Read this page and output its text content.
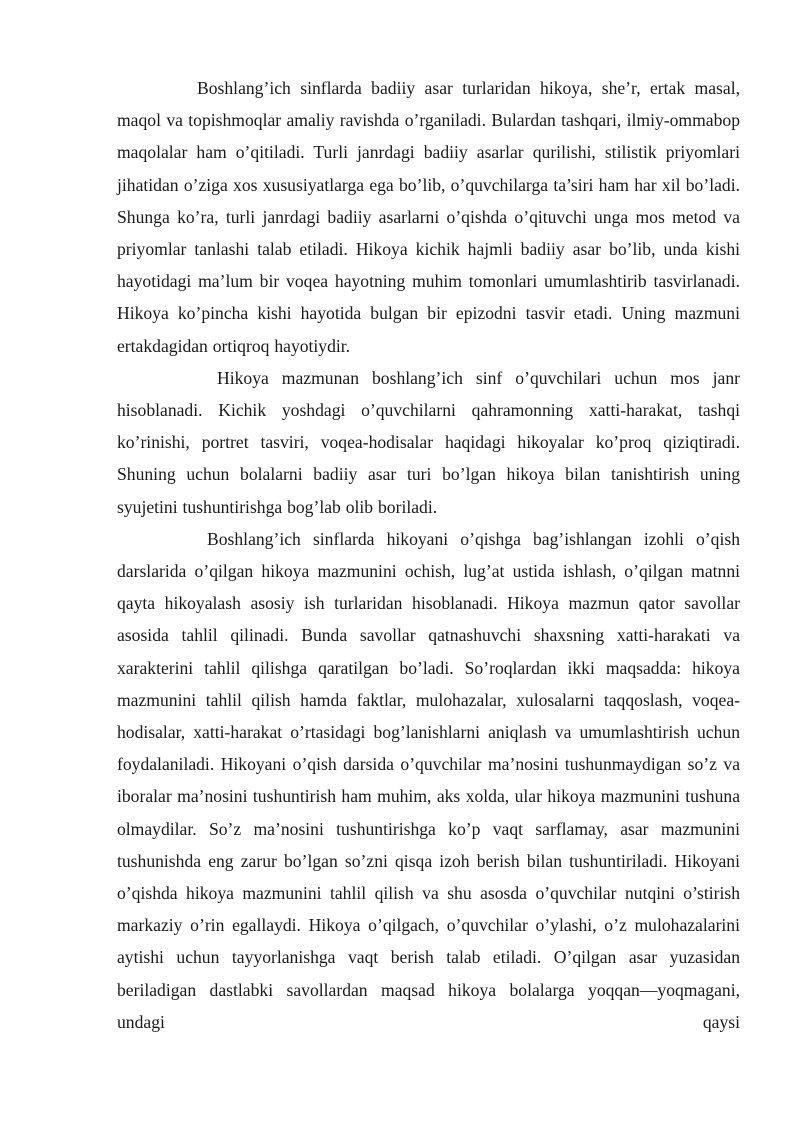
Boshlang’ich sinflarda badiiy asar turlaridan hikoya, she’r, ertak masal, maqol va topishmoqlar amaliy ravishda o’rganiladi. Bulardan tashqari, ilmiy-ommabop maqolalar ham o’qitiladi. Turli janrdagi badiiy asarlar qurilishi, stilistik priyomlari jihatidan o’ziga xos xususiyatlarga ega bo’lib, o’quvchilarga ta’siri ham har xil bo’ladi. Shunga ko’ra, turli janrdagi badiiy asarlarni o’qishda o’qituvchi unga mos metod va priyomlar tanlashi talab etiladi. Hikoya kichik hajmli badiiy asar bo’lib, unda kishi hayotidagi ma’lum bir voqea hayotning muhim tomonlari umumlashtirib tasvirlanadi. Hikoya ko’pincha kishi hayotida bulgan bir epizodni tasvir etadi. Uning mazmuni ertakdagidan ortiqroq hayotiydir.

Hikoya mazmunan boshlang’ich sinf o’quvchilari uchun mos janr hisoblanadi. Kichik yoshdagi o’quvchilarni qahramonning xatti-harakat, tashqi ko’rinishi, portret tasviri, voqea-hodisalar haqidagi hikoyalar ko’proq qiziqtiradi. Shuning uchun bolalarni badiiy asar turi bo’lgan hikoya bilan tanishtirish uning syujetini tushuntirishga bog’lab olib boriladi.

Boshlang’ich sinflarda hikoyani o’qishga bag’ishlangan izohli o’qish darslarida o’qilgan hikoya mazmunini ochish, lug’at ustida ishlash, o’qilgan matnni qayta hikoyalash asosiy ish turlaridan hisoblanadi. Hikoya mazmun qator savollar asosida tahlil qilinadi. Bunda savollar qatnashuvchi shaxsning xatti-harakati va xarakterini tahlil qilishga qaratilgan bo’ladi. So’roqlardan ikki maqsadda: hikoya mazmunini tahlil qilish hamda faktlar, mulohazalar, xulosalarni taqqoslash, voqea-hodisalar, xatti-harakat o’rtasidagi bog’lanishlarni aniqlash va umumlashtirish uchun foydalaniladi. Hikoyani o’qish darsida o’quvchilar ma’nosini tushunmaydigan so’z va iboralar ma’nosini tushuntirish ham muhim, aks xolda, ular hikoya mazmunini tushuna olmaydilar. So’z ma’nosini tushuntirishga ko’p vaqt sarflamay, asar mazmunini tushunishda eng zarur bo’lgan so’zni qisqa izoh berish bilan tushuntiriladi. Hikoyani o’qishda hikoya mazmunini tahlil qilish va shu asosda o’quvchilar nutqini o’stirish markaziy o’rin egallaydi. Hikoya o’qilgach, o’quvchilar o’ylashi, o’z mulohazalarini aytishi uchun tayyorlanishga vaqt berish talab etiladi. O’qilgan asar yuzasidan beriladigan dastlabki savollardan maqsad hikoya bolalarga yoqqan—yoqmagani, undagi qaysi
